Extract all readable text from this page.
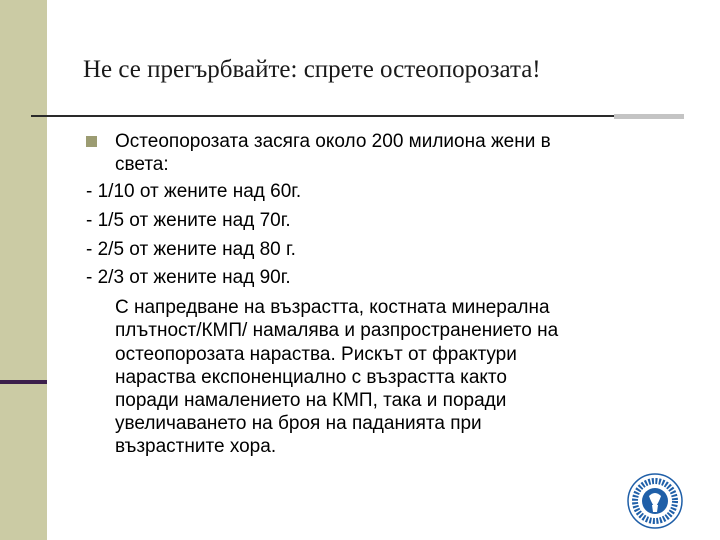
Не се прегърбвайте: спрете остеопорозата!
Остеопорозата засяга около 200 милиона жени в
света:
- 1/10 от жените над 60г.
- 1/5 от жените над 70г.
- 2/5 от жените над 80 г.
- 2/3 от жените над 90г.
С напредване на възрастта, костната минерална
плътност/КМП/ намалява и разпространението на
остеопорозата нараства. Рискът от фрактури
нараства експоненциално с възрастта както
поради намалението на КМП, така и поради
увеличаването на броя на паданията при
възрастните хора.
